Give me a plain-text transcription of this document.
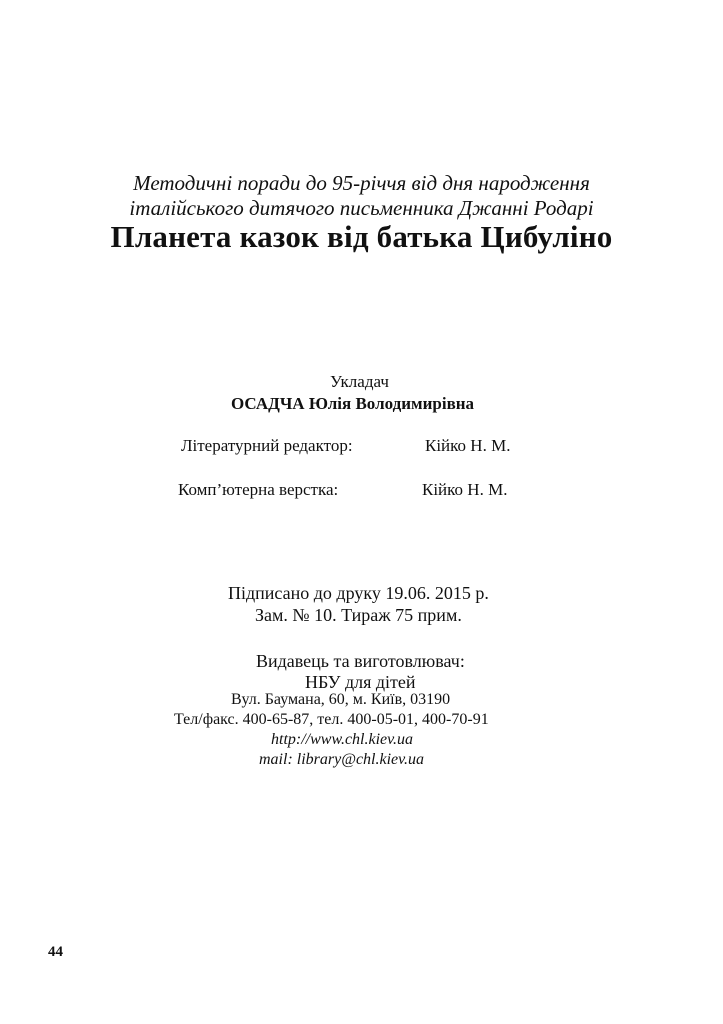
Методичні поради до 95-річчя від дня народження
італійського дитячого письменника Джанні Родарі
Планета казок від батька Цибуліно
Укладач
ОСАДЧА Юлія Володимирівна
Літературний редактор:	Кійко Н. М.
Комп’ютерна верстка:	Кійко Н. М.
Підписано до друку 19.06. 2015 р.
Зам. № 10. Тираж 75 прим.
Видавець та виготовлювач:
НБУ для дітей
Вул. Баумана, 60, м. Київ, 03190
Тел/факс. 400-65-87, тел. 400-05-01, 400-70-91
http://www.chl.kiev.ua
mail: library@chl.kiev.ua
44
